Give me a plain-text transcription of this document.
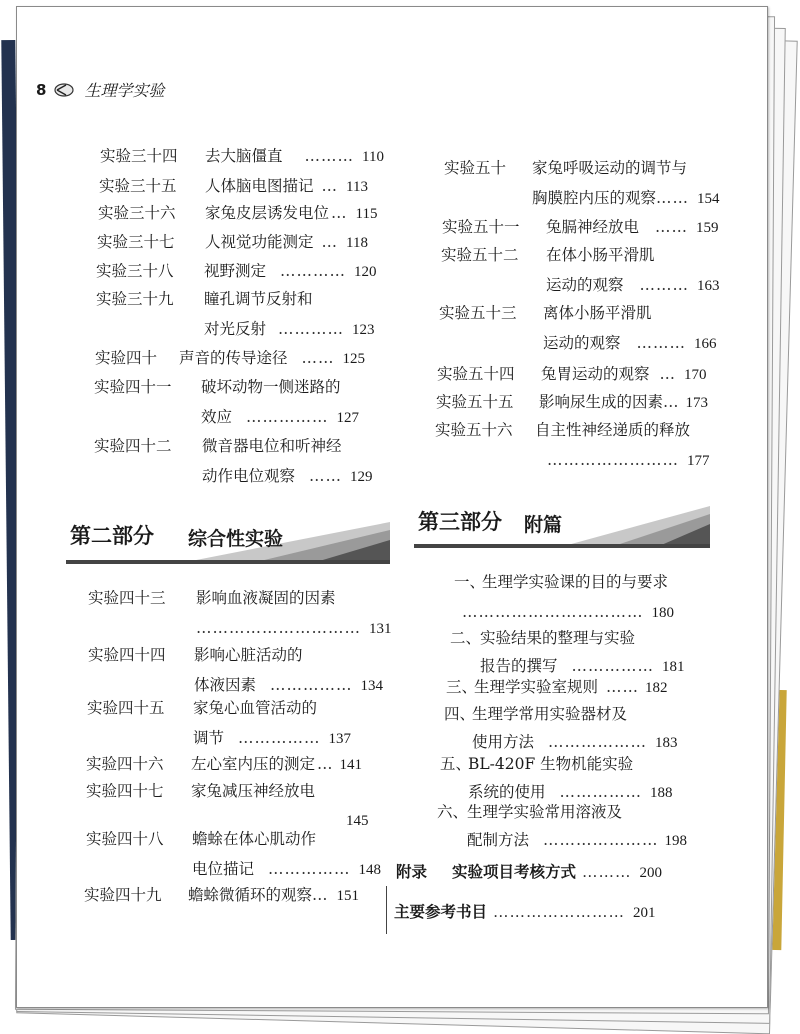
8 生理学实验
实验三十四	去大脑僵直 ……… 110
实验三十五	人体脑电图描记 … 113
实验三十六	家兔皮层诱发电位 … 115
实验三十七	人视觉功能测定 … 118
实验三十八	视野测定 ………… 120
实验三十九	瞳孔调节反射和
对光反射 ………… 123
实验四十	声音的传导途径 …… 125
实验四十一	破坏动物一侧迷路的
效应 …………… 127
实验四十二	微音器电位和听神经
动作电位观察 …… 129
第二部分 综合性实验
实验四十三	影响血液凝固的因素
………………………… 131
实验四十四	影响心脏活动的
体液因素 …………… 134
实验四十五	家兔心血管活动的
调节 …………… 137
实验四十六	左心室内压的测定 … 141
实验四十七	家兔减压神经放电
145
实验四十八	蟾蜍在体心肌动作
电位描记 …………… 148
实验四十九	蟾蜍微循环的观察 … 151
实验五十	家兔呼吸运动的调节与
胸膜腔内压的观察 …… 154
实验五十一	兔膈神经放电 …… 159
实验五十二	在体小肠平滑肌
运动的观察 ……… 163
实验五十三	离体小肠平滑肌
运动的观察 ……… 166
实验五十四	兔胃运动的观察 … 170
实验五十五	影响尿生成的因素 … 173
实验五十六	自主性神经递质的释放
…………………… 177
第三部分 附篇
一、
生理学实验课的目的与要求
…………………………… 180
二、
实验结果的整理与实验
报告的撰写 …………… 181
三、
生理学实验室规则 …… 182
四、
生理学常用实验器材及
使用方法 ……………… 183
五、
BL-420F 生物机能实验
系统的使用 …………… 188
六、
生理学实验常用溶液及
配制方法 ………………… 198
附录	实验项目考核方式 ……… 200
主要参考书目 …………………… 201
